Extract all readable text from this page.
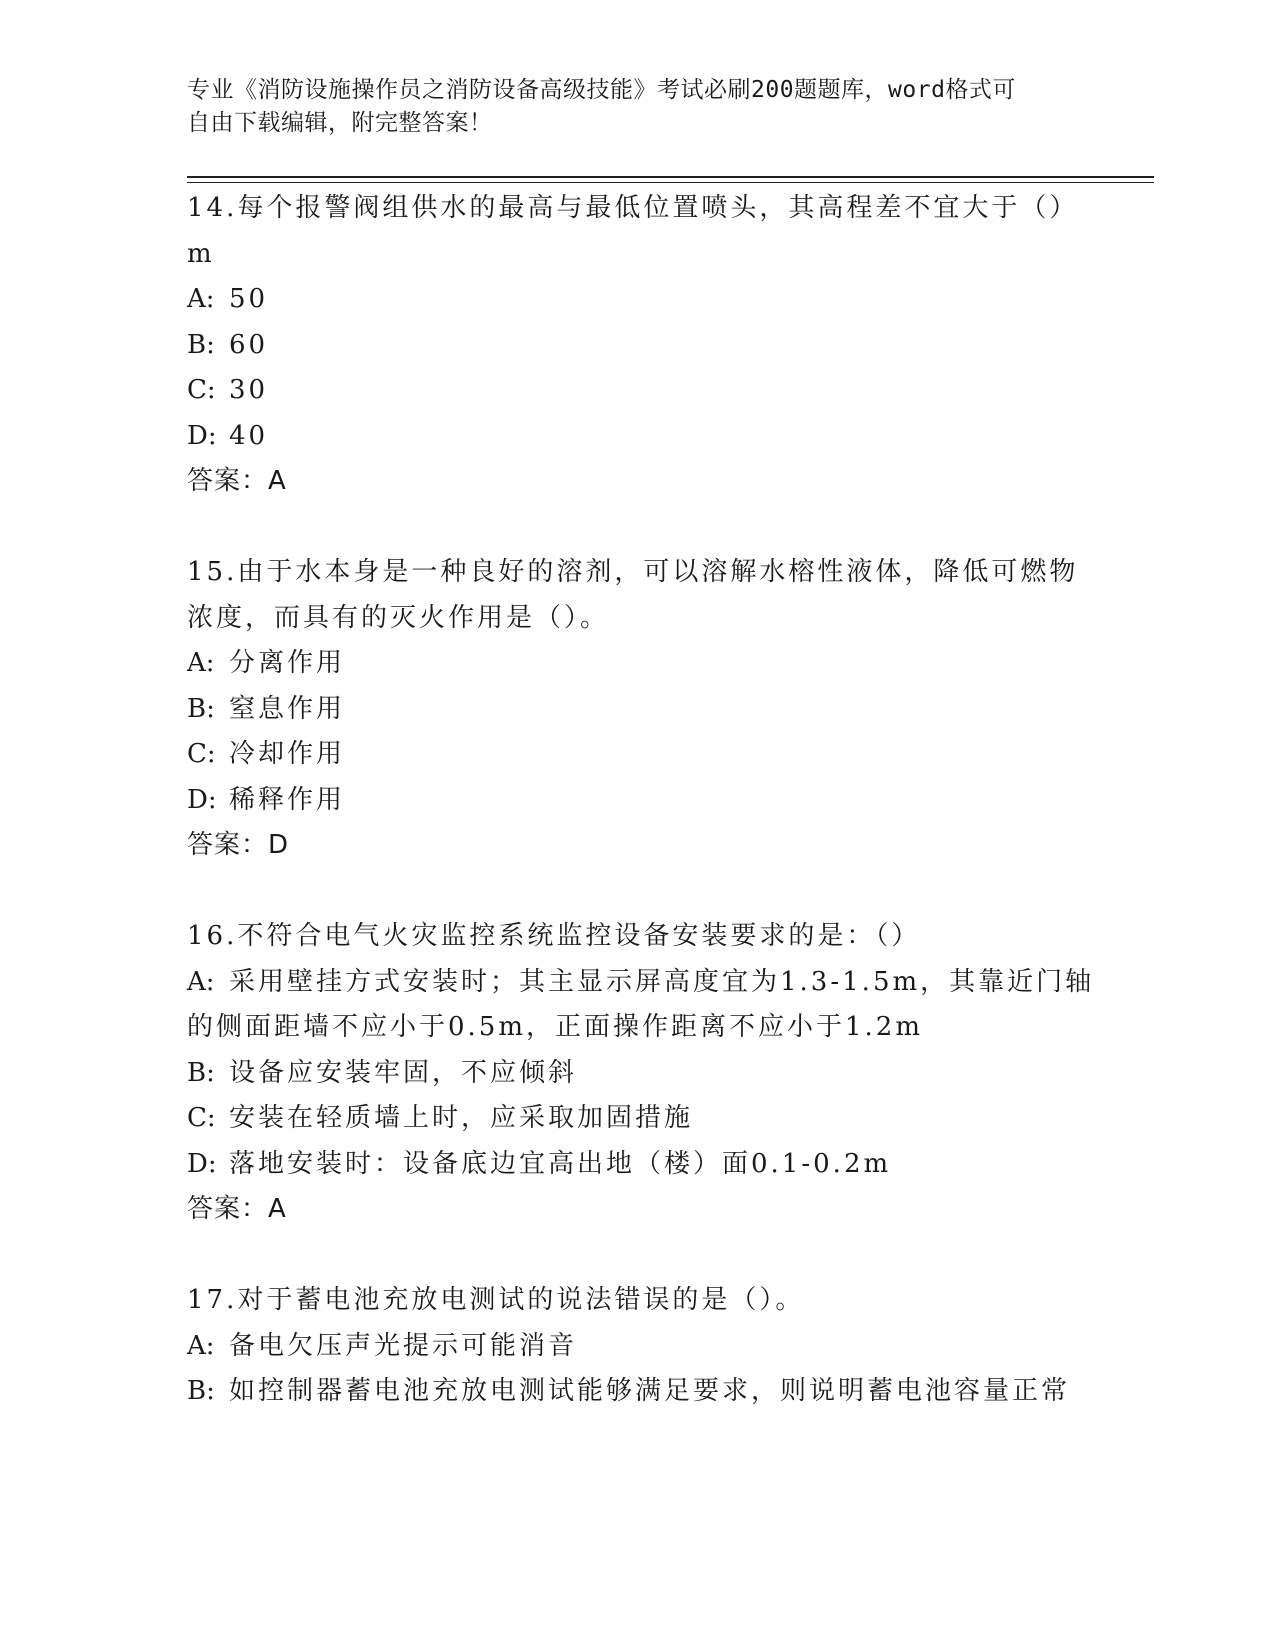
专业《消防设施操作员之消防设备高级技能》考试必刷200题题库，word格式可
自由下载编辑，附完整答案！
14.每个报警阀组供水的最高与最低位置喷头，其高程差不宜大于（）
m
A: 50
B: 60
C: 30
D: 40
答案：A
15.由于水本身是一种良好的溶剂，可以溶解水榕性液体，降低可燃物
浓度，而具有的灭火作用是（）。
A: 分离作用
B: 窒息作用
C: 冷却作用
D: 稀释作用
答案：D
16.不符合电气火灾监控系统监控设备安装要求的是：（）
A: 采用壁挂方式安装时；其主显示屏高度宜为1.3-1.5m，其靠近门轴
的侧面距墙不应小于0.5m，正面操作距离不应小于1.2m
B: 设备应安装牢固，不应倾斜
C: 安装在轻质墙上时，应采取加固措施
D: 落地安装时：设备底边宜高出地（楼）面0.1-0.2m
答案：A
17.对于蓄电池充放电测试的说法错误的是（）。
A: 备电欠压声光提示可能消音
B: 如控制器蓄电池充放电测试能够满足要求，则说明蓄电池容量正常
